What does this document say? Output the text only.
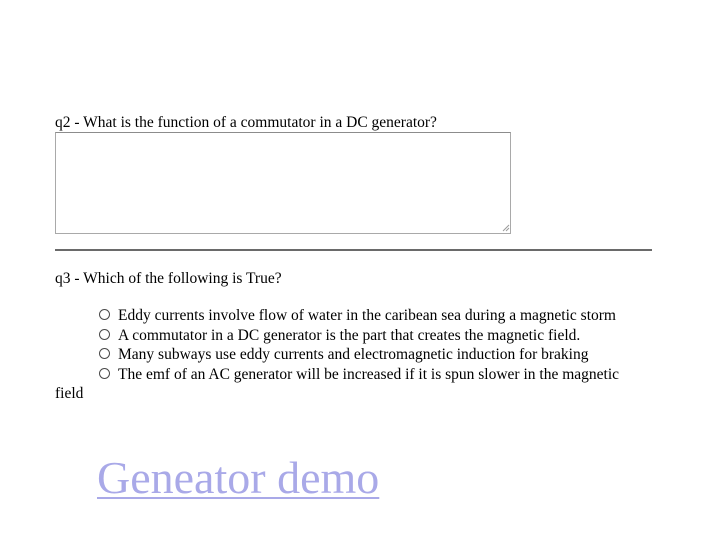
q2 - What is the function of a commutator in a DC generator?
q3 - Which of the following is True?
Eddy currents involve flow of water in the caribean sea during a magnetic storm
A commutator in a DC generator is the part that creates the magnetic field.
Many subways use eddy currents and electromagnetic induction for braking
The emf of an AC generator will be increased if it is spun slower in the magnetic
field
Geneator demo
